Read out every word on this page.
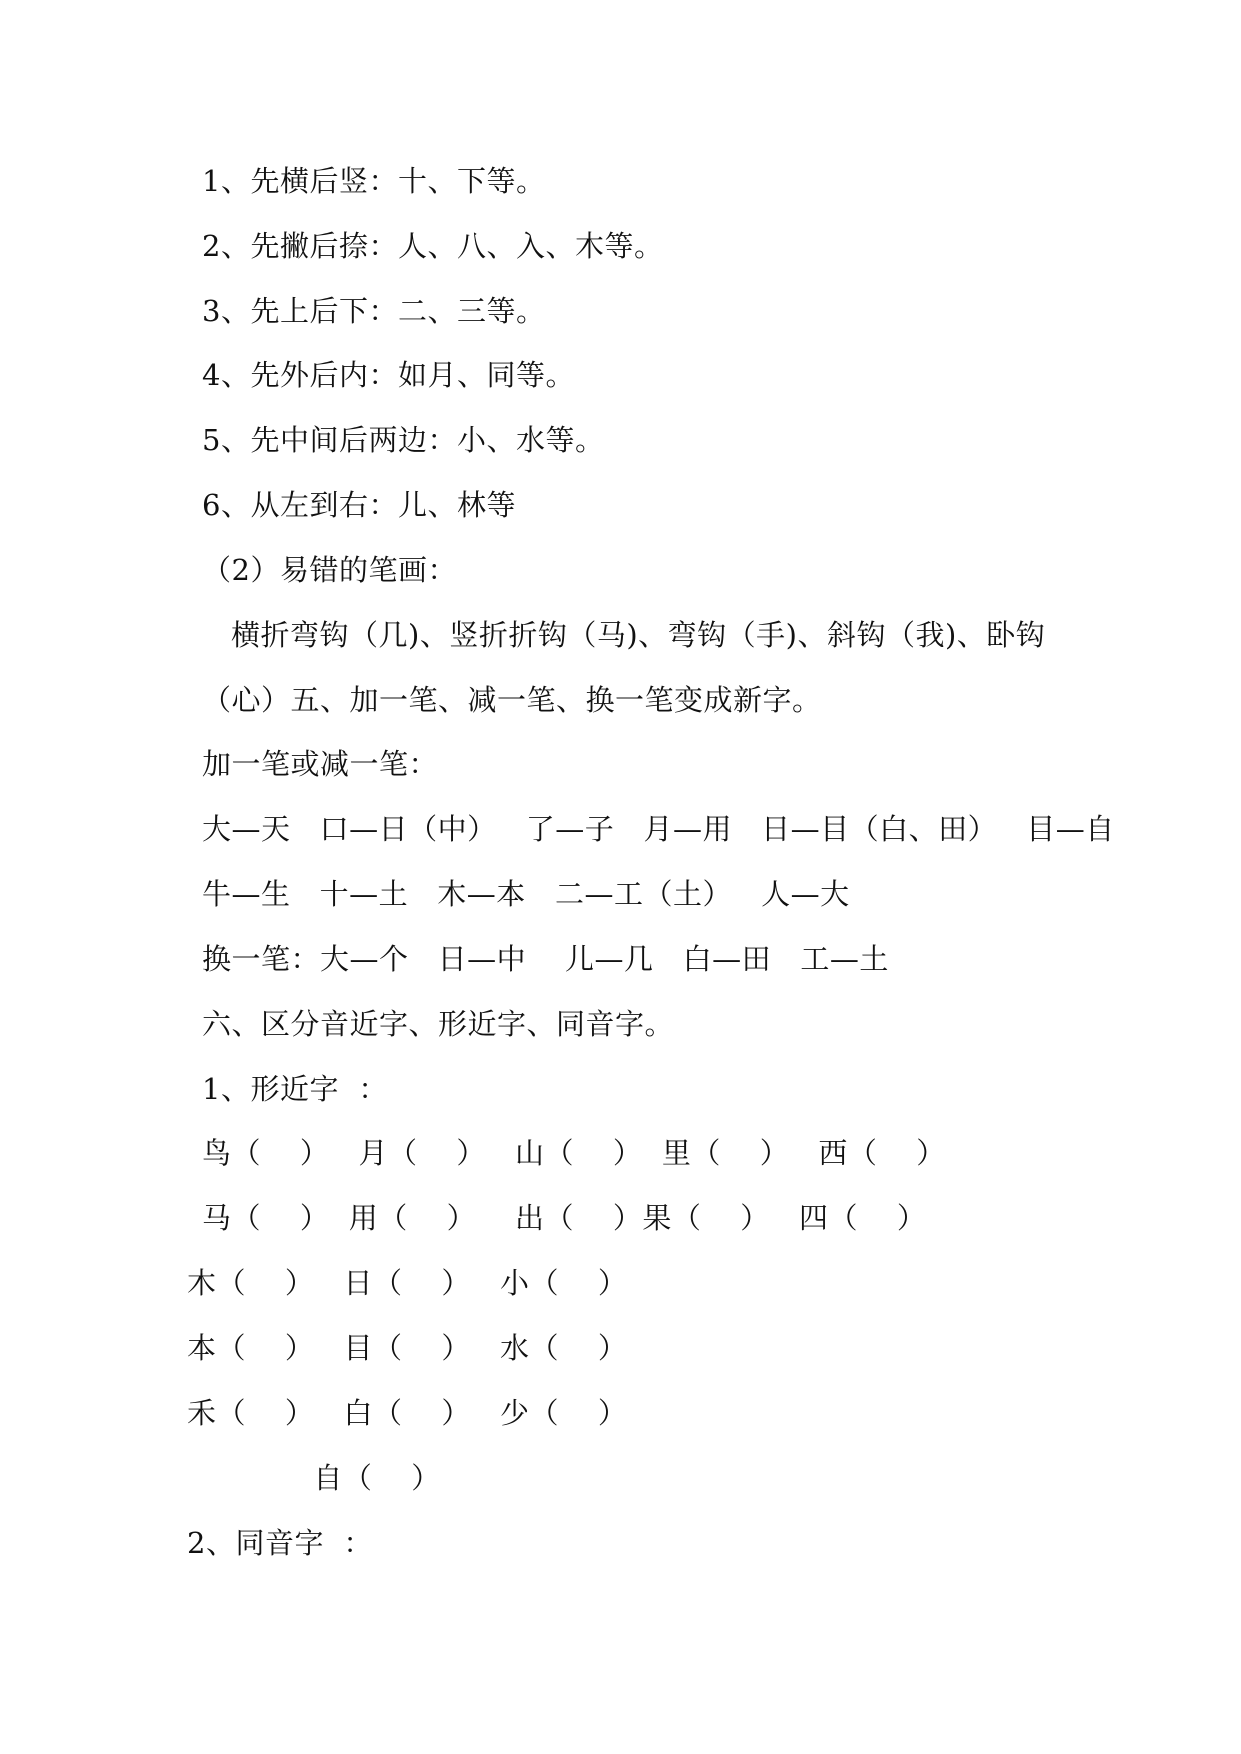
1、先横后竖：十、下等。
2、先撇后捺：人、八、入、木等。
3、先上后下：二、三等。
4、先外后内：如月、同等。
5、先中间后两边：小、水等。
6、从左到右：儿、林等
（2）易错的笔画：
横折弯钩（几)、竖折折钩（马)、弯钩（手)、斜钩（我)、卧钩
（心）五、加一笔、减一笔、换一笔变成新字。
加一笔或减一笔：
大—天   口—日（中）   了—子   月—用   日—目（白、田）   目—自
牛—生   十—土   木—本   二—工（土）   人—大
换一笔：大—个   日—中    儿—几   白—田   工—土
六、区分音近字、形近字、同音字。
1、形近字  ：
鸟（    ）   月（    ）   山（    ）  里（    ）   西（    ）
马（    ）  用（    ）    出（    ）果（    ）   四（    ）
木（    ）   日（    ）   小（    ）
本（    ）   目（    ）   水（    ）
禾（    ）   白（    ）   少（    ）
自（    ）
2、同音字  ：
